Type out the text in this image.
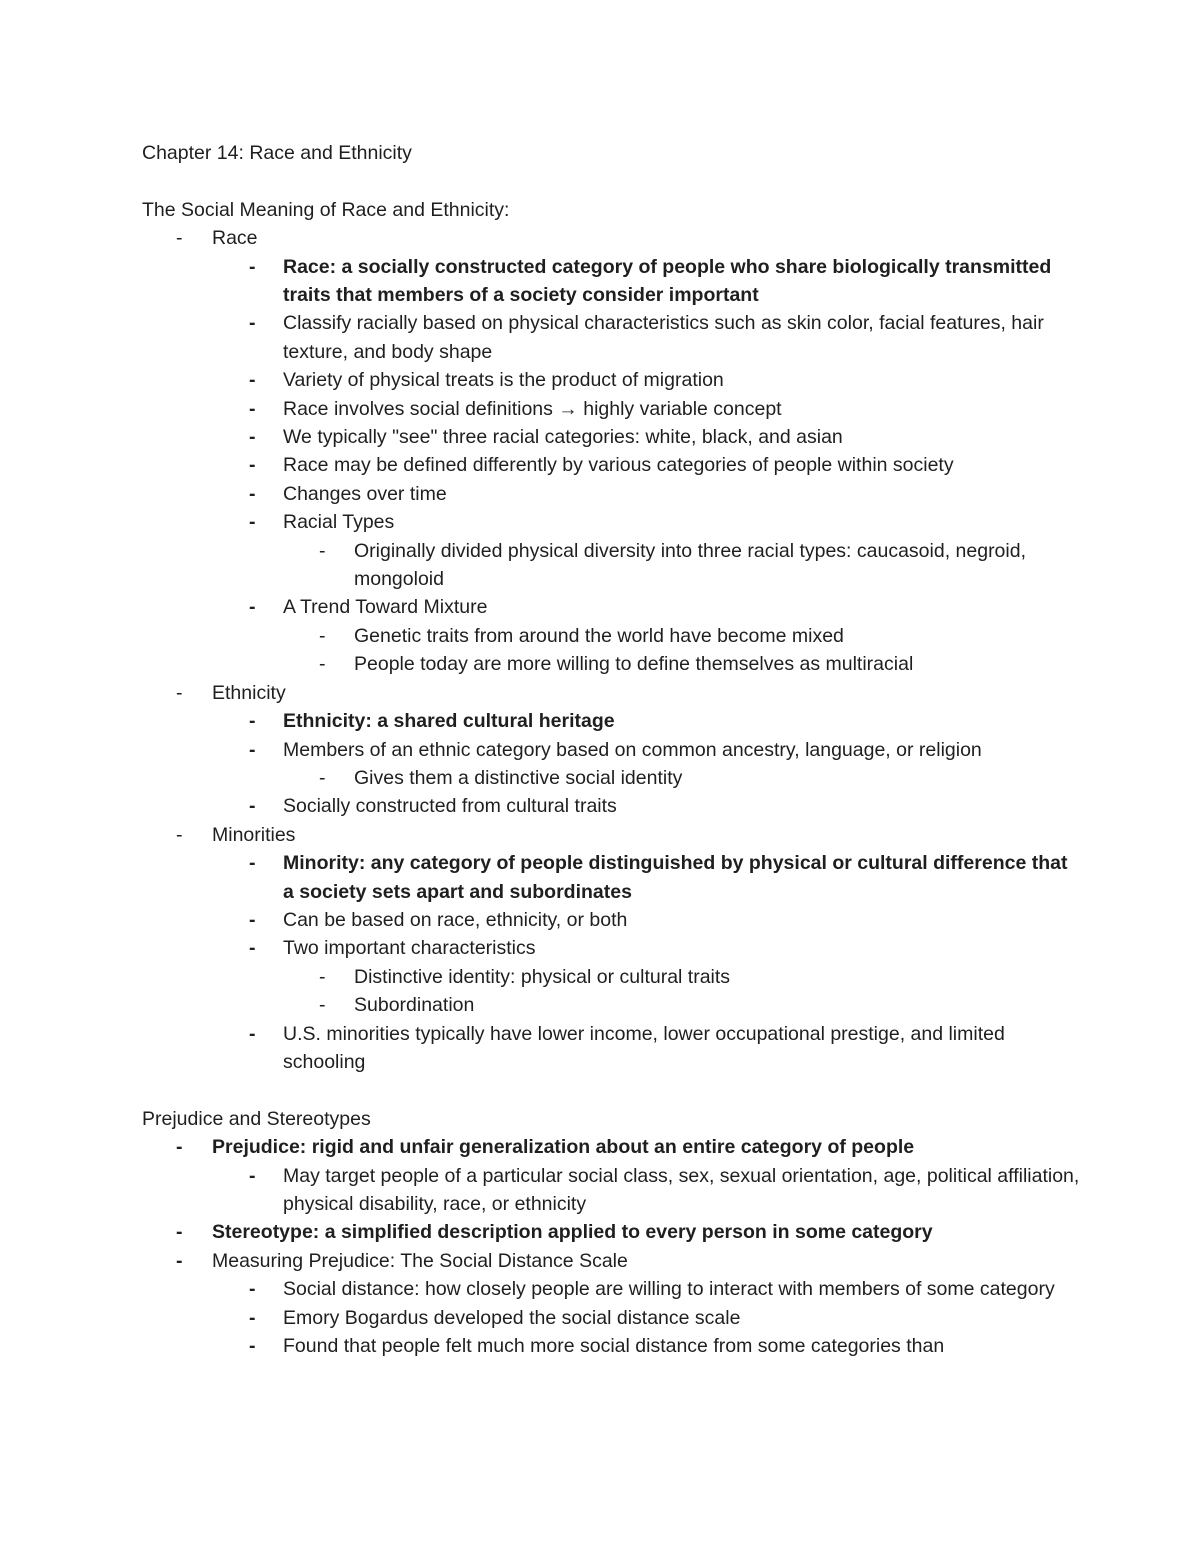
Chapter 14: Race and Ethnicity
The Social Meaning of Race and Ethnicity:
- Race
- Race: a socially constructed category of people who share biologically transmitted traits that members of a society consider important
- Classify racially based on physical characteristics such as skin color, facial features, hair texture, and body shape
- Variety of physical treats is the product of migration
- Race involves social definitions → highly variable concept
- We typically "see" three racial categories: white, black, and asian
- Race may be defined differently by various categories of people within society
- Changes over time
- Racial Types
- Originally divided physical diversity into three racial types: caucasoid, negroid, mongoloid
- A Trend Toward Mixture
- Genetic traits from around the world have become mixed
- People today are more willing to define themselves as multiracial
- Ethnicity
- Ethnicity: a shared cultural heritage
- Members of an ethnic category based on common ancestry, language, or religion
- Gives them a distinctive social identity
- Socially constructed from cultural traits
- Minorities
- Minority: any category of people distinguished by physical or cultural difference that a society sets apart and subordinates
- Can be based on race, ethnicity, or both
- Two important characteristics
- Distinctive identity: physical or cultural traits
- Subordination
- U.S. minorities typically have lower income, lower occupational prestige, and limited schooling
Prejudice and Stereotypes
- Prejudice: rigid and unfair generalization about an entire category of people
- May target people of a particular social class, sex, sexual orientation, age, political affiliation, physical disability, race, or ethnicity
- Stereotype: a simplified description applied to every person in some category
- Measuring Prejudice: The Social Distance Scale
- Social distance: how closely people are willing to interact with members of some category
- Emory Bogardus developed the social distance scale
- Found that people felt much more social distance from some categories than
